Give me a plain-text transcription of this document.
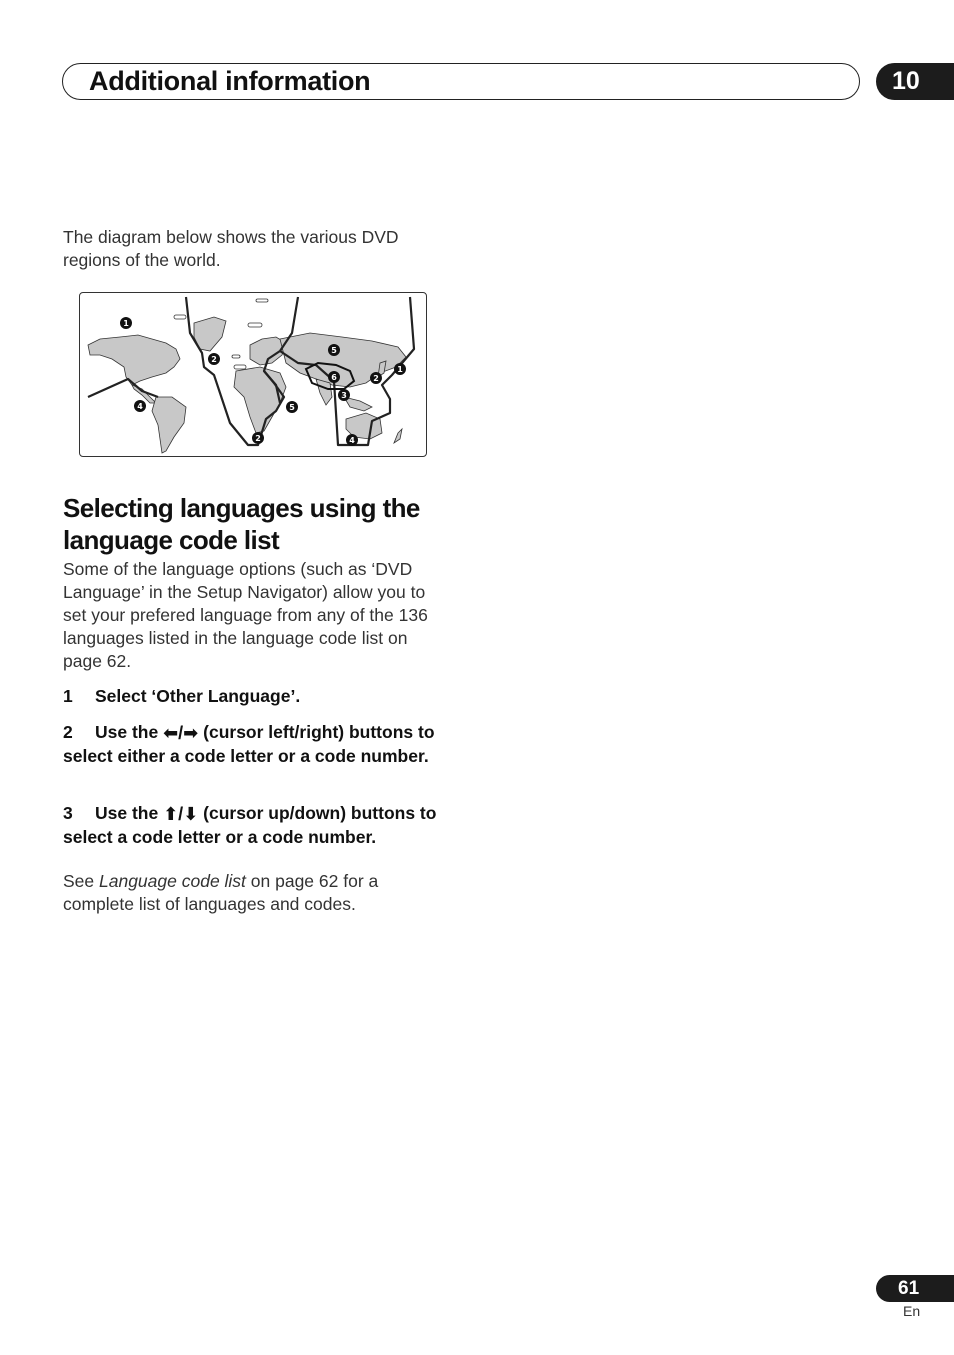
Additional information	10
The diagram below shows the various DVD regions of the world.
1
2
5
6	2
1
3
4	5
2	4
Selecting languages using the language code list
Some of the language options (such as ‘DVD Language’ in the Setup Navigator) allow you to set your prefered language from any of the 136 languages listed in the language code list on page 62.
1 Select ‘Other Language’.
2 Use the ⬅/➡ (cursor left/right) buttons to select either a code letter or a code number.
3 Use the ⬆/⬇ (cursor up/down) buttons to select a code letter or a code number.
See Language code list on page 62 for a complete list of languages and codes.
61
En
